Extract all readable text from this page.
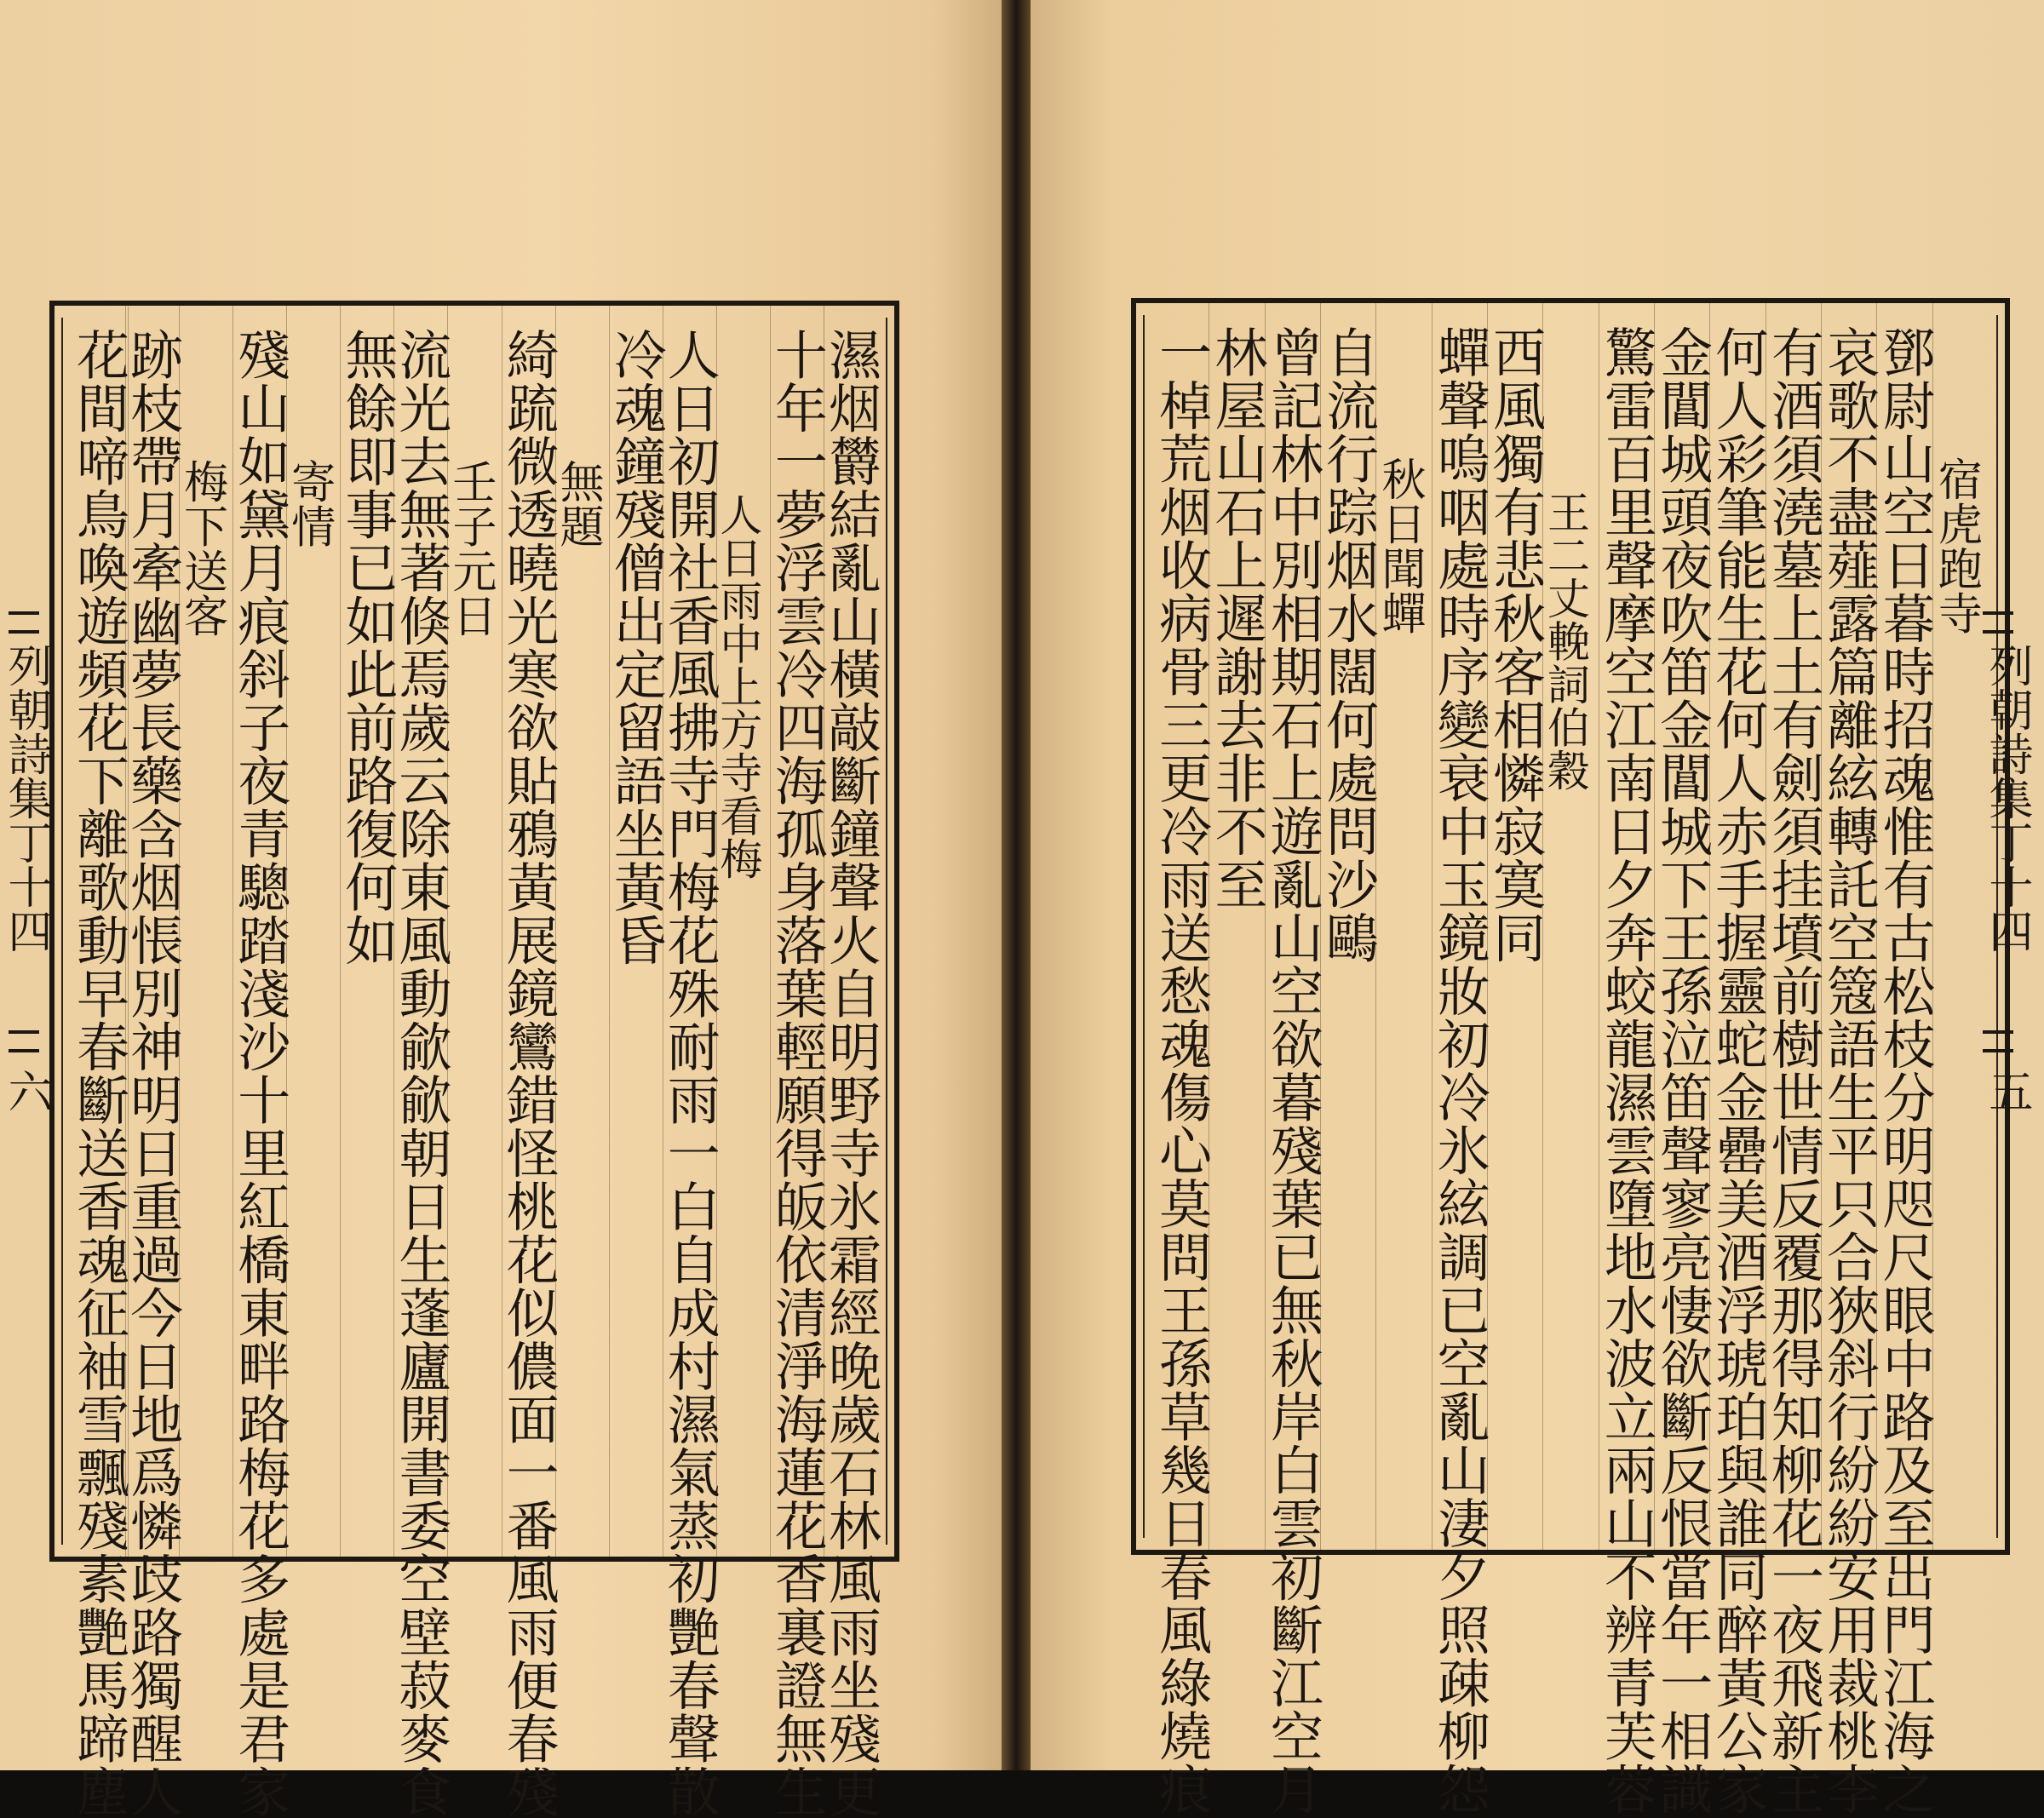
花間啼鳥喚遊頻花下離歌動早春斷送香魂征袖雪飄殘素艷馬蹄塵
跡枝帶月牽幽夢長藥含烟悵別神明日重過今日地爲憐歧路獨醒人
梅下送客 殘山如黛月痕斜子夜青驄踏淺沙十里紅橋東畔路梅花多處是君家
寄情 無餘即事已如此前路復何如
流光去無著倏焉歲云除東風動歈歈朝日生蓬廬開書委空壁菽麥食
壬子元日 綺䟽微透曉光寒欲貼鴉黃展鏡鸞錯怪桃花似儂面一番風雨便春殘
無題 冷魂鐘殘僧出定留語坐黃昏
人日初開社香風拂寺門梅花殊耐雨一白自成村濕氣蒸初艷春聲散
人日雨中上方寺看梅 十年一夢浮雲冷四海孤身落葉輕願得皈依清淨海蓮花香裏證無生
濕烟欝結亂山橫敲斷鐘聲火自明野寺氷霜經晚歲石林風雨坐殘更
列朝詩集丁十四
六	一棹荒烟收病骨三更冷雨送愁魂傷心莫問王孫草幾日春風綠燒痕
林屋山石上遲謝去非不至
曾記林中別相期石上遊亂山空欲暮殘葉已無秋岸白雲初斷江空月
自流行踪烟水闊何處問沙鷗
秋日聞蟬 蟬聲嗚咽處時序變衰中玉鏡妝初冷氷絃調已空亂山淒夕照疎柳怨
西風獨有悲秋客相憐寂寞同
王二丈輓詞伯穀 驚雷百里聲摩空江南日夕奔蛟龍濕雲墮地水波立兩山不辨青芙蓉
金閶城頭夜吹笛金閶城下王孫泣笛聲寥亮悽欲斷反恨當年一相識
何人彩筆能生花何人赤手握靈蛇金罍美酒浮琥珀與誰同醉黃公家
有酒須澆墓上土有劍須挂墳前樹世情反覆那得知柳花一夜飛新主
哀歌不盡薤露篇離絃轉託空簆語生平只合狹斜行紛紛安用裁桃李
鄧尉山空日暮時招魂惟有古松枝分明咫尺眼中路及至出門江海之
宿虎跑寺
列朝詩集丁十四
五
